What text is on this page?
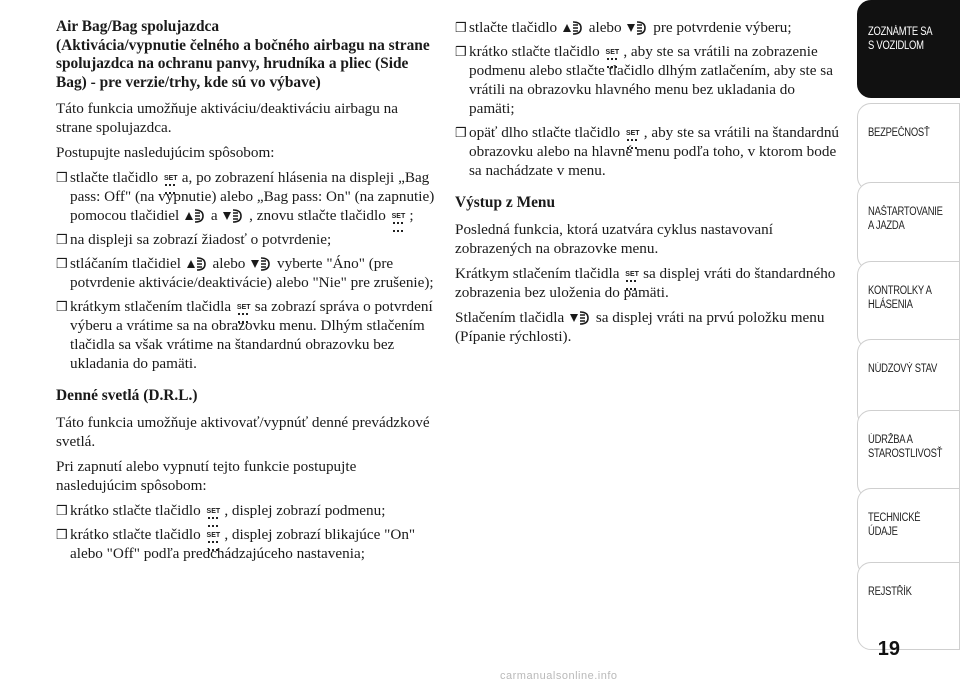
Air Bag/Bag spolujazdca
(Aktivácia/vypnutie čelného a bočného airbagu na strane spolujazdca na ochranu panvy, hrudníka a pliec (Side Bag) - pre verzie/trhy, kde sú vo výbave)

Táto funkcia umožňuje aktiváciu/deaktiváciu airbagu na strane spolujazdca.

Postupujte nasledujúcim spôsobom:

❒ stlačte tlačidlo SET a, po zobrazení hlásenia na displeji „Bag pass: Off" (na vypnutie) alebo „Bag pass: On" (na zapnutie) pomocou tlačidiel  a  , znovu stlačte tlačidlo SET ;
❒ na displeji sa zobrazí žiadosť o potvrdenie;
❒ stláčaním tlačidiel  alebo  vyberte "Áno" (pre potvrdenie aktivácie/deaktivácie) alebo "Nie" pre zrušenie);
❒ krátkym stlačením tlačidla SET sa zobrazí správa o potvrdení výberu a vrátime sa na obrazovku menu. Dlhým stlačením tlačidla sa však vrátime na štandardnú obrazovku bez ukladania do pamäti.
Denné svetlá (D.R.L.)

Táto funkcia umožňuje aktivovať/vypnúť denné prevádzkové svetlá.

Pri zapnutí alebo vypnutí tejto funkcie postupujte nasledujúcim spôsobom:

❒ krátko stlačte tlačidlo SET , displej zobrazí podmenu;
❒ krátko stlačte tlačidlo SET , displej zobrazí blikajúce "On" alebo "Off" podľa predchádzajúceho nastavenia;
❒ stlačte tlačidlo  alebo  pre potvrdenie výberu;
❒ krátko stlačte tlačidlo SET , aby ste sa vrátili na zobrazenie podmenu alebo stlačte tlačidlo dlhým zatlačením, aby ste sa vrátili na obrazovku hlavného menu bez ukladania do pamäti;
❒ opäť dlho stlačte tlačidlo SET , aby ste sa vrátili na štandardnú obrazovku alebo na hlavné menu podľa toho, v ktorom bode sa nachádzate v menu.
Výstup z Menu

Posledná funkcia, ktorá uzatvára cyklus nastavovaní zobrazených na obrazovke menu.

Krátkym stlačením tlačidla SET sa displej vráti do štandardného zobrazenia bez uloženia do pamäti.

Stlačením tlačidla  sa displej vráti na prvú položku menu (Pípanie rýchlosti).

ZOZNÁMTE SA S VOZIDLOM
BEZPEČNOSŤ
NAŠTARTOVANIE A JAZDA
KONTROLKY A HLÁSENIA
NÚDZOVÝ STAV
ÚDRŽBA A STAROSTLIVOSŤ
TECHNICKÉ ÚDAJE
REJSTŘÍK
19
carmanualsonline.info
